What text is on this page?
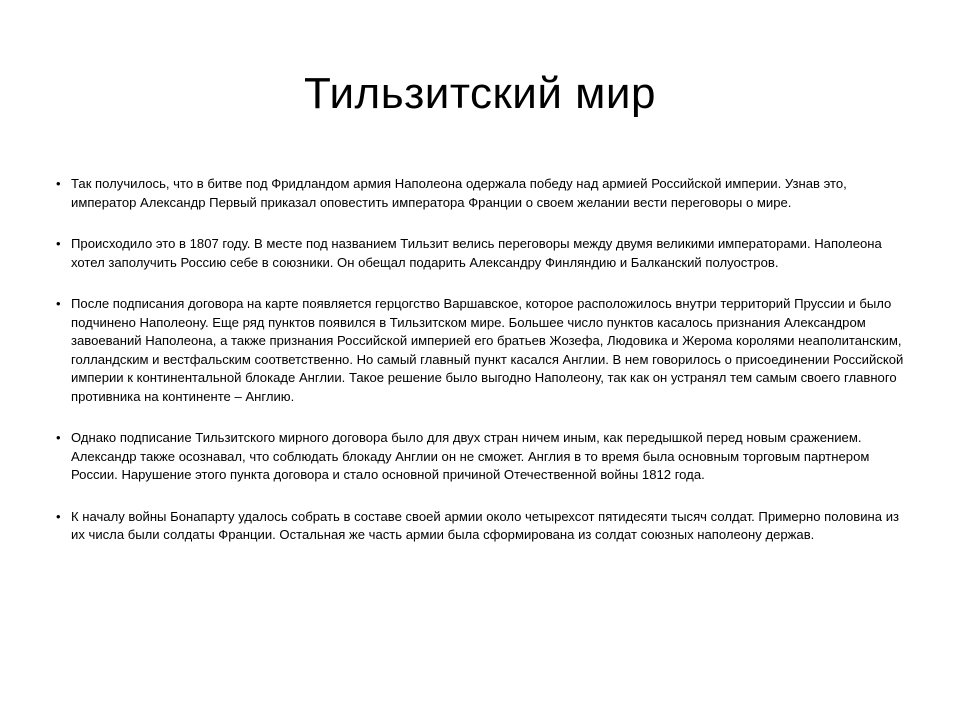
Тильзитский мир
• Так получилось, что в битве под Фридландом армия Наполеона одержала победу над армией Российской империи. Узнав это, император Александр Первый приказал оповестить императора Франции о своем желании вести переговоры о мире.
• Происходило это в 1807 году. В месте под названием Тильзит велись переговоры между двумя великими императорами. Наполеона хотел заполучить Россию себе в союзники. Он обещал подарить Александру Финляндию и Балканский полуостров.
• После подписания договора на карте появляется герцогство Варшавское, которое расположилось внутри территорий Пруссии и было подчинено Наполеону. Еще ряд пунктов появился в Тильзитском мире. Большее число пунктов касалось признания Александром завоеваний Наполеона, а также признания Российской империей его братьев Жозефа, Людовика и Жерома королями неаполитанским, голландским и вестфальским соответственно. Но самый главный пункт касался Англии. В нем говорилось о присоединении Российской империи к континентальной блокаде Англии. Такое решение было выгодно Наполеону, так как он устранял тем самым своего главного противника на континенте – Англию.
• Однако подписание Тильзитского мирного договора было для двух стран ничем иным, как передышкой перед новым сражением. Александр также осознавал, что соблюдать блокаду Англии он не сможет. Англия в то время была основным торговым партнером России. Нарушение этого пункта договора и стало основной причиной Отечественной войны 1812 года.
• К началу войны Бонапарту удалось собрать в составе своей армии около четырехсот пятидесяти тысяч солдат. Примерно половина из их числа были солдаты Франции. Остальная же часть армии была сформирована из солдат союзных наполеону держав.
